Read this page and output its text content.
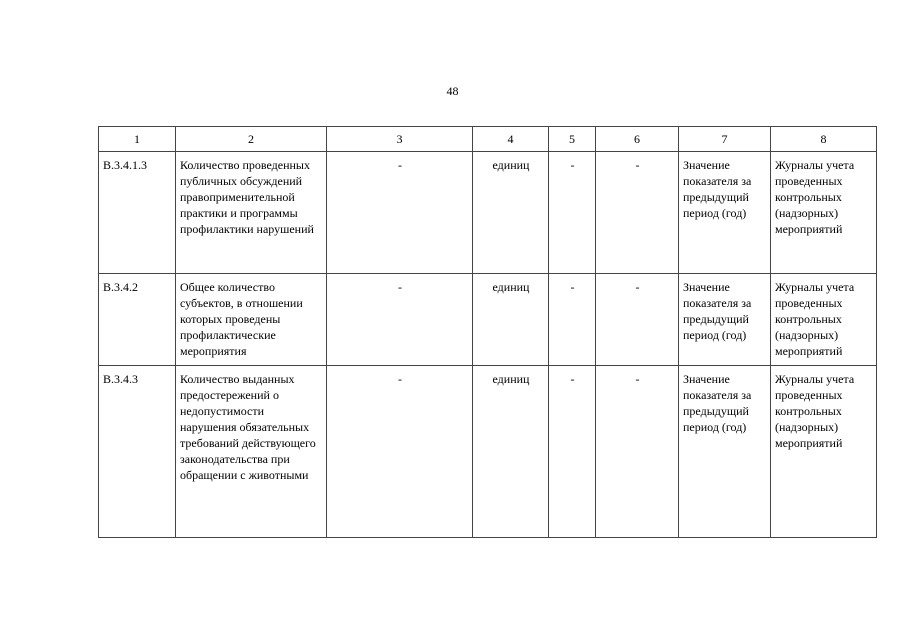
48
1	2	3	4	5	6	7	8
В.3.4.1.3	Количество проведенных публичных обсуждений правоприменительной практики и программы профилактики нарушений	-	единиц	-	-	Значение показателя за предыдущий период (год)	Журналы учета проведенных контрольных (надзорных) мероприятий
В.3.4.2	Общее количество субъектов, в отношении которых проведены профилактические мероприятия	-	единиц	-	-	Значение показателя за предыдущий период (год)	Журналы учета проведенных контрольных (надзорных) мероприятий
В.3.4.3	Количество выданных предостережений о недопустимости нарушения обязательных требований действующего законодательства при обращении с животными	-	единиц	-	-	Значение показателя за предыдущий период (год)	Журналы учета проведенных контрольных (надзорных) мероприятий
